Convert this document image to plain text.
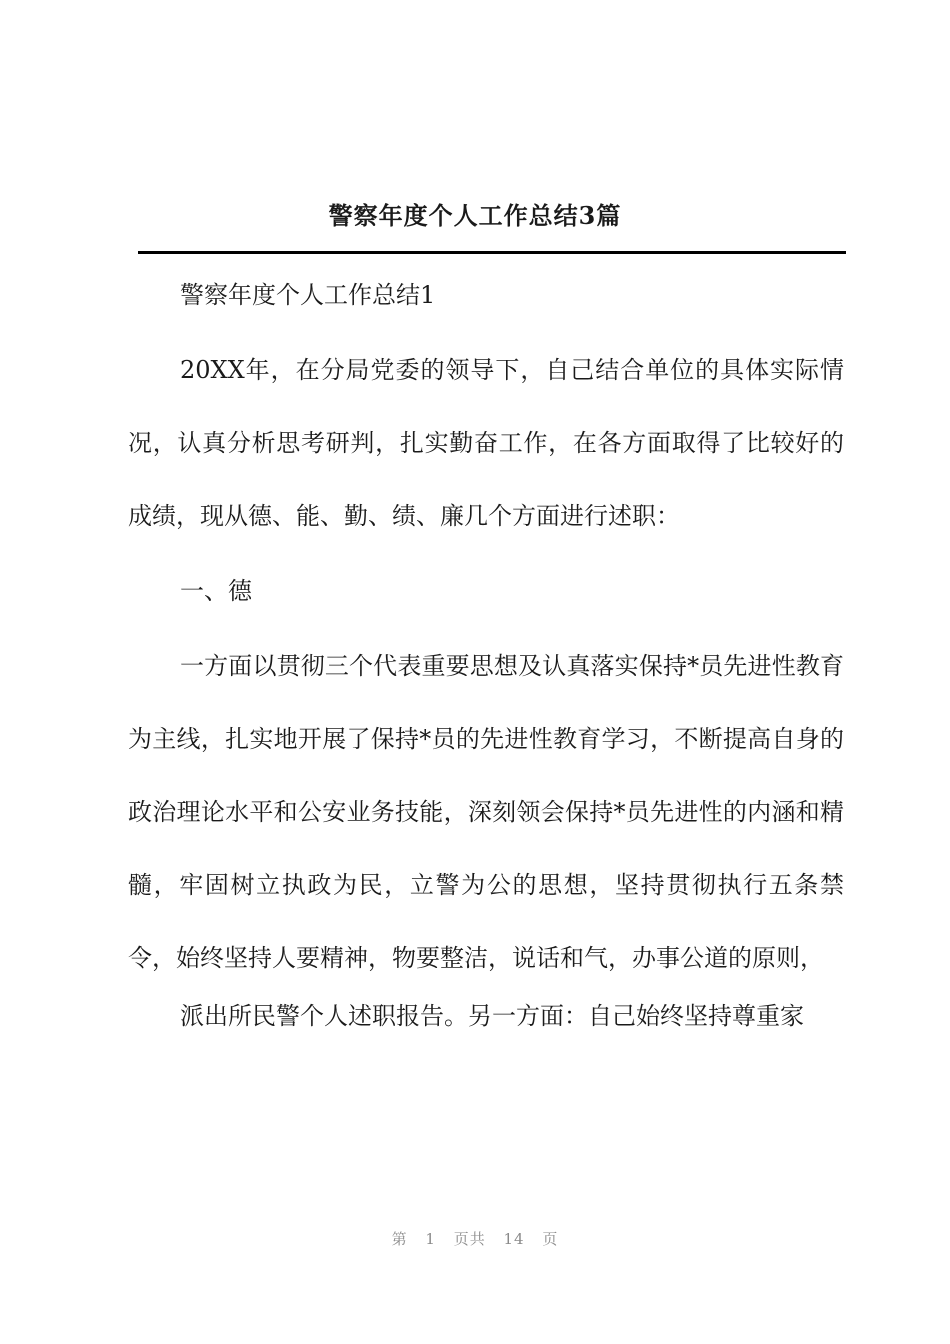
警察年度个人工作总结3篇

警察年度个人工作总结1

20XX年，在分局党委的领导下，自己结合单位的具体实际情况，认真分析思考研判，扎实勤奋工作，在各方面取得了比较好的成绩，现从德、能、勤、绩、廉几个方面进行述职：

一、德

一方面以贯彻三个代表重要思想及认真落实保持*员先进性教育为主线，扎实地开展了保持*员的先进性教育学习，不断提高自身的政治理论水平和公安业务技能，深刻领会保持*员先进性的内涵和精髓，牢固树立执政为民，立警为公的思想，坚持贯彻执行五条禁令，始终坚持人要精神，物要整洁，说话和气，办事公道的原则，

派出所民警个人述职报告。另一方面：自己始终坚持尊重家

第 1 页共 14 页
